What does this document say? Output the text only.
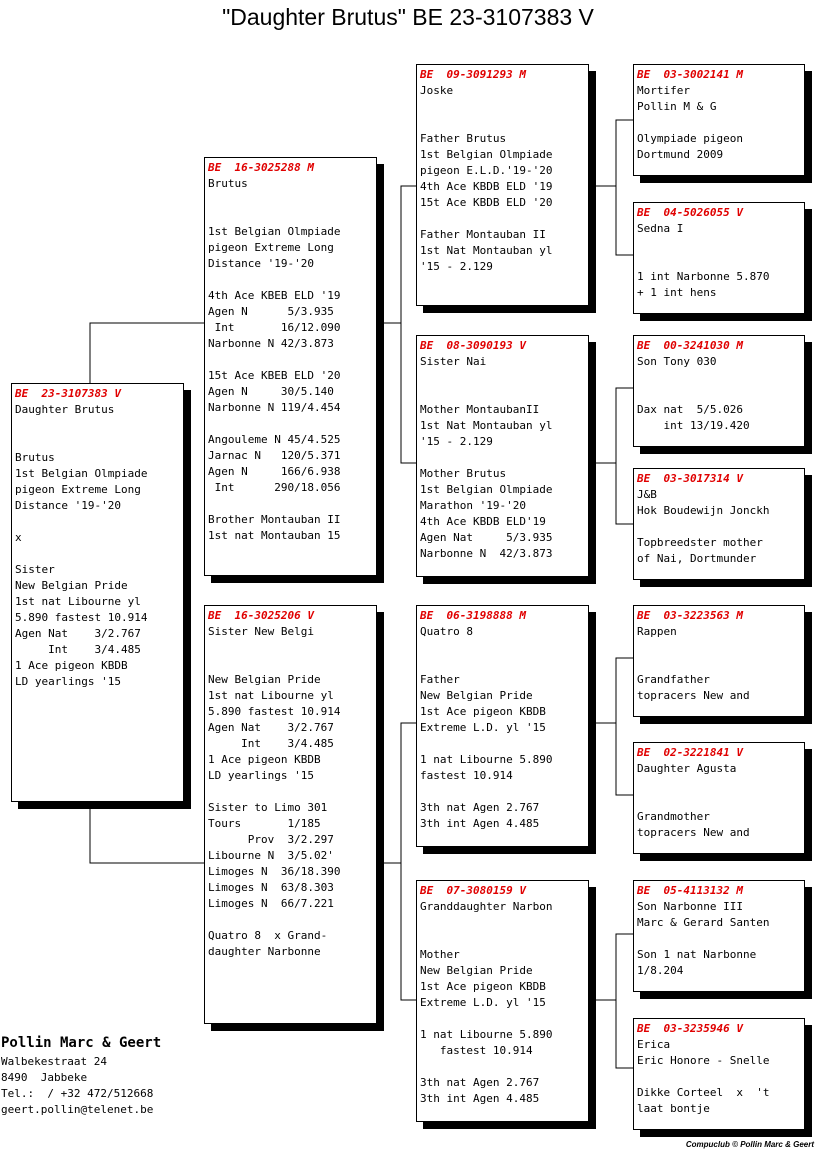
"Daughter Brutus" BE 23-3107383 V
BE  23-3107383 V
Daughter Brutus

Brutus
1st Belgian Olmpiade
pigeon Extreme Long
Distance '19-'20

x

Sister
New Belgian Pride
1st nat Libourne yl
5.890 fastest 10.914
Agen Nat    3/2.767
Int    3/4.485
1 Ace pigeon KBDB
LD yearlings '15
BE  16-3025288 M
Brutus

1st Belgian Olmpiade
pigeon Extreme Long
Distance '19-'20

4th Ace KBEB ELD '19
Agen N      5/3.935
Int       16/12.090
Narbonne N 42/3.873

15t Ace KBEB ELD '20
Agen N     30/5.140
Narbonne N 119/4.454

Angouleme N 45/4.525
Jarnac N   120/5.371
Agen N     166/6.938
Int      290/18.056

Brother Montauban II
1st nat Montauban 15
BE  16-3025206 V
Sister New Belgi

New Belgian Pride
1st nat Libourne yl
5.890 fastest 10.914
Agen Nat    3/2.767
Int    3/4.485
1 Ace pigeon KBDB
LD yearlings '15

Sister to Limo 301
Tours       1/185
Prov  3/2.297
Libourne N  3/5.02'
Limoges N  36/18.390
Limoges N  63/8.303
Limoges N  66/7.221

Quatro 8  x Grand-
daughter Narbonne
BE  09-3091293 M
Joske

Father Brutus
1st Belgian Olmpiade
pigeon E.L.D.'19-'20
4th Ace KBDB ELD '19
15t Ace KBDB ELD '20

Father Montauban II
1st Nat Montauban yl
'15 - 2.129
BE  08-3090193 V
Sister Nai

Mother MontaubanII
1st Nat Montauban yl
'15 - 2.129

Mother Brutus
1st Belgian Olmpiade
Marathon '19-'20
4th Ace KBDB ELD'19
Agen Nat     5/3.935
Narbonne N  42/3.873
BE  06-3198888 M
Quatro 8

Father
New Belgian Pride
1st Ace pigeon KBDB
Extreme L.D. yl '15

1 nat Libourne 5.890
fastest 10.914

3th nat Agen 2.767
3th int Agen 4.485
BE  07-3080159 V
Granddaughter Narbon

Mother
New Belgian Pride
1st Ace pigeon KBDB
Extreme L.D. yl '15

1 nat Libourne 5.890
fastest 10.914

3th nat Agen 2.767
3th int Agen 4.485
BE  03-3002141 M
Mortifer
Pollin M & G

Olympiade pigeon
Dortmund 2009
BE  04-5026055 V
Sedna I

1 int Narbonne 5.870
+ 1 int hens
BE  00-3241030 M
Son Tony 030

Dax nat  5/5.026
int 13/19.420
BE  03-3017314 V
J&B
Hok Boudewijn Jonckh

Topbreedster mother
of Nai, Dortmunder
BE  03-3223563 M
Rappen

Grandfather
topracers New and
BE  02-3221841 V
Daughter Agusta

Grandmother
topracers New and
BE  05-4113132 M
Son Narbonne III
Marc & Gerard Santen

Son 1 nat Narbonne
1/8.204
BE  03-3235946 V
Erica
Eric Honore - Snelle

Dikke Corteel  x  't
laat bontje
Pollin Marc & Geert
Walbekestraat 24
8490  Jabbeke
Tel.:  / +32 472/512668
geert.pollin@telenet.be
Compuclub © Pollin Marc & Geert
